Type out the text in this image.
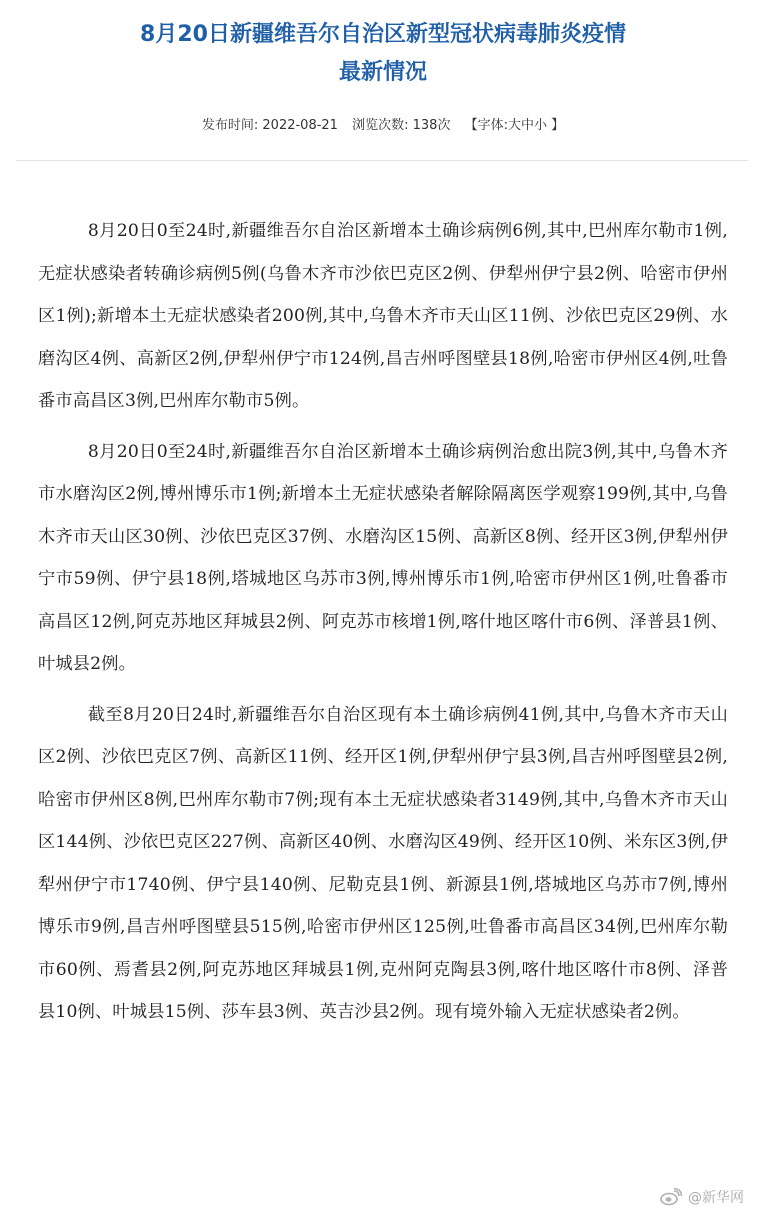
8月20日新疆维吾尔自治区新型冠状病毒肺炎疫情
最新情况
发布时间: 2022-08-21 浏览次数: 138次 【字体:大中小 】

8月20日0至24时,新疆维吾尔自治区新增本土确诊病例6例,其中,巴州库尔勒市1例,无症状感染者转确诊病例5例(乌鲁木齐市沙依巴克区2例、伊犁州伊宁县2例、哈密市伊州区1例);新增本土无症状感染者200例,其中,乌鲁木齐市天山区11例、沙依巴克区29例、水磨沟区4例、高新区2例,伊犁州伊宁市124例,昌吉州呼图壁县18例,哈密市伊州区4例,吐鲁番市高昌区3例,巴州库尔勒市5例。

8月20日0至24时,新疆维吾尔自治区新增本土确诊病例治愈出院3例,其中,乌鲁木齐市水磨沟区2例,博州博乐市1例;新增本土无症状感染者解除隔离医学观察199例,其中,乌鲁木齐市天山区30例、沙依巴克区37例、水磨沟区15例、高新区8例、经开区3例,伊犁州伊宁市59例、伊宁县18例,塔城地区乌苏市3例,博州博乐市1例,哈密市伊州区1例,吐鲁番市高昌区12例,阿克苏地区拜城县2例、阿克苏市核增1例,喀什地区喀什市6例、泽普县1例、叶城县2例。

截至8月20日24时,新疆维吾尔自治区现有本土确诊病例41例,其中,乌鲁木齐市天山区2例、沙依巴克区7例、高新区11例、经开区1例,伊犁州伊宁县3例,昌吉州呼图壁县2例,哈密市伊州区8例,巴州库尔勒市7例;现有本土无症状感染者3149例,其中,乌鲁木齐市天山区144例、沙依巴克区227例、高新区40例、水磨沟区49例、经开区10例、米东区3例,伊犁州伊宁市1740例、伊宁县140例、尼勒克县1例、新源县1例,塔城地区乌苏市7例,博州博乐市9例,昌吉州呼图壁县515例,哈密市伊州区125例,吐鲁番市高昌区34例,巴州库尔勒市60例、焉耆县2例,阿克苏地区拜城县1例,克州阿克陶县3例,喀什地区喀什市8例、泽普县10例、叶城县15例、莎车县3例、英吉沙县2例。现有境外输入无症状感染者2例。

@新华网
